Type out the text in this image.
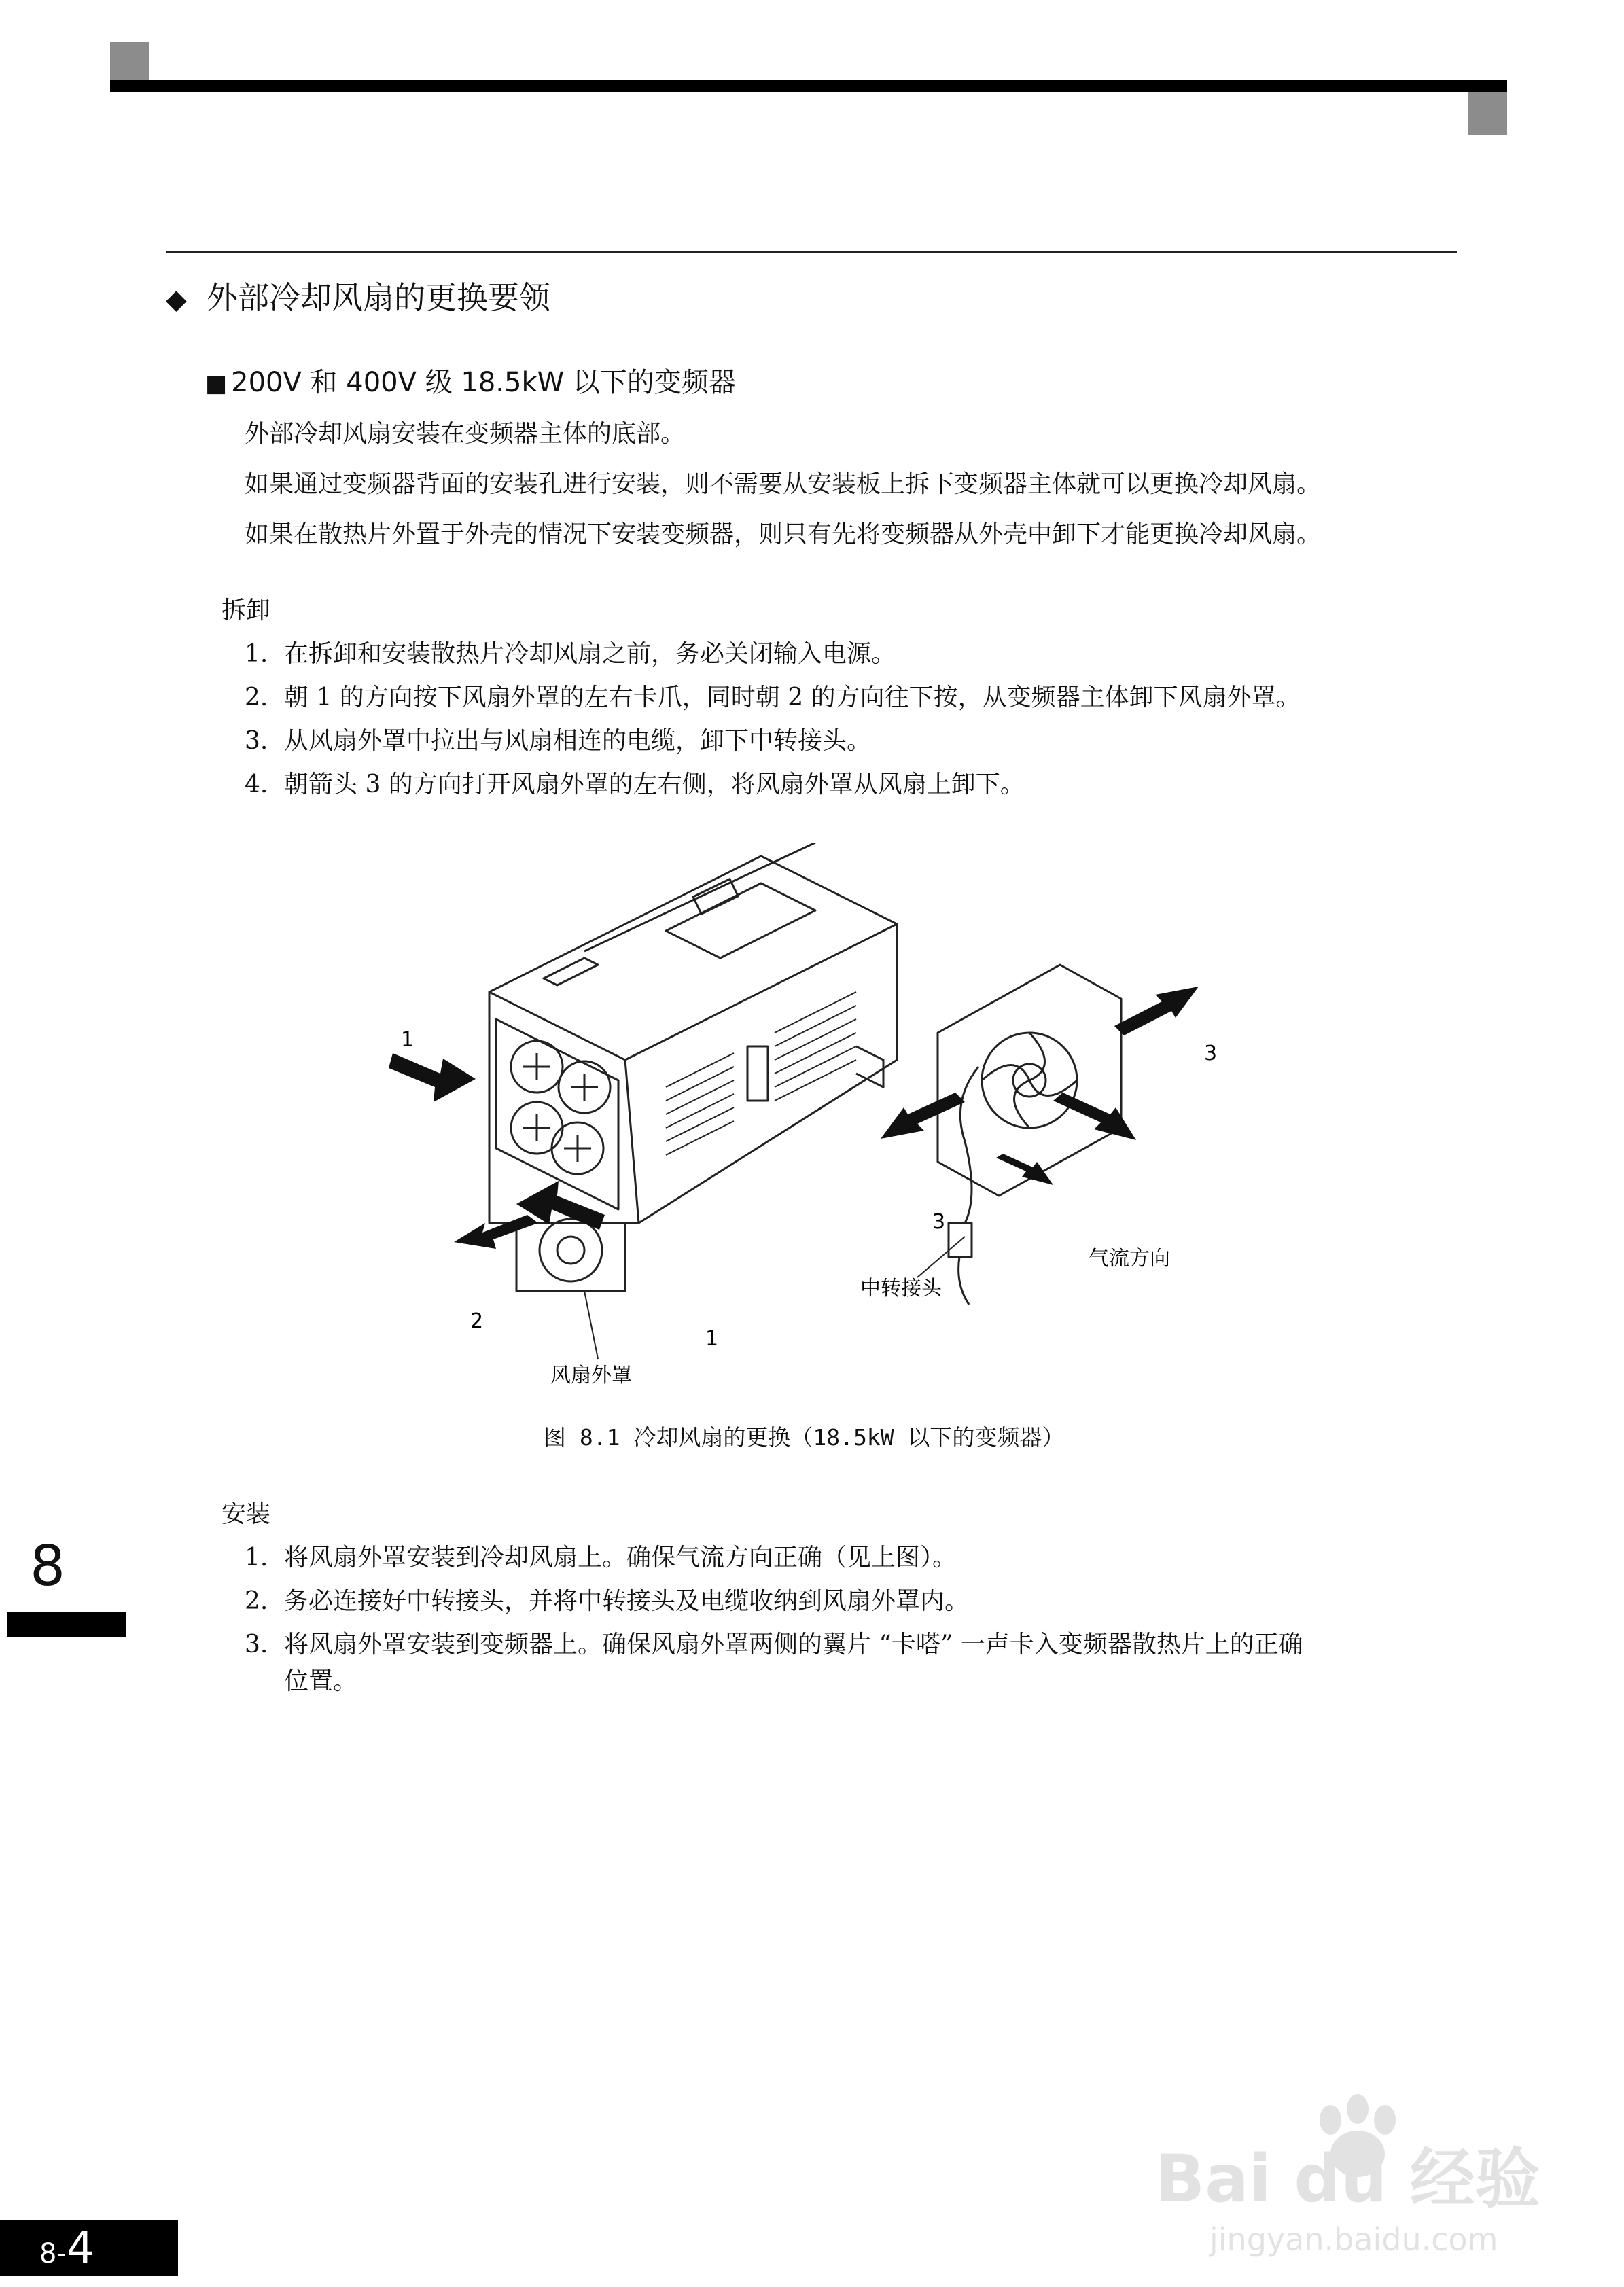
◆ 外部冷却风扇的更换要领
■ 200V 和 400V 级 18.5kW 以下的变频器
外部冷却风扇安装在变频器主体的底部。
如果通过变频器背面的安装孔进行安装，则不需要从安装板上拆下变频器主体就可以更换冷却风扇。
如果在散热片外置于外壳的情况下安装变频器，则只有先将变频器从外壳中卸下才能更换冷却风扇。
拆卸
1. 在拆卸和安装散热片冷却风扇之前，务必关闭输入电源。
2. 朝 1 的方向按下风扇外罩的左右卡爪，同时朝 2 的方向往下按，从变频器主体卸下风扇外罩。
3. 从风扇外罩中拉出与风扇相连的电缆，卸下中转接头。
4. 朝箭头 3 的方向打开风扇外罩的左右侧，将风扇外罩从风扇上卸下。
1
1
2
3
3
风扇外罩
中转接头
气流方向
图 8.1 冷却风扇的更换（18.5kW 以下的变频器）
安装
1. 将风扇外罩安装到冷却风扇上。确保气流方向正确（见上图）。
2. 务必连接好中转接头，并将中转接头及电缆收纳到风扇外罩内。
3. 将风扇外罩安装到变频器上。确保风扇外罩两侧的翼片 “卡嗒” 一声卡入变频器散热片上的正确
位置。
8
8-4
Bai du 经验
jingyan.baidu.com
